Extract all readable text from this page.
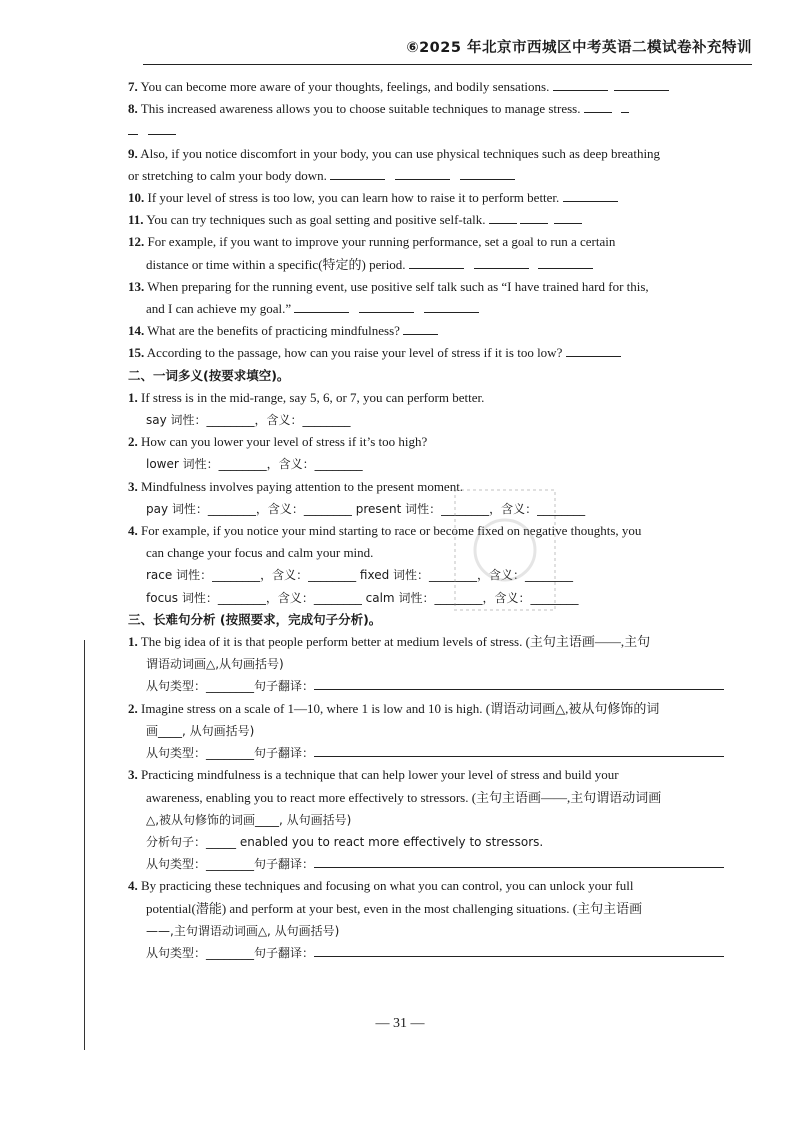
⑥2025 年北京市西城区中考英语二模试卷补充特训
7. You can become more aware of your thoughts, feelings, and bodily sensations.
8. This increased awareness allows you to choose suitable techniques to manage stress.

9. Also, if you notice discomfort in your body, you can use physical techniques such as deep breathing
or stretching to calm your body down.
10. If your level of stress is too low, you can learn how to raise it to perform better.
11. You can try techniques such as goal setting and positive self-talk.
12. For example, if you want to improve your running performance, set a goal to run a certain
distance or time within a specific(特定的) period.
13. When preparing for the running event, use positive self talk such as “I have trained hard for this,
and I can achieve my goal.”
14. What are the benefits of practicing mindfulness?
15. According to the passage, how can you raise your level of stress if it is too low?
二、一词多义(按要求填空)。
1. If stress is in the mid-range, say 5, 6, or 7, you can perform better.
say 词性：________，含义：________
2. How can you lower your level of stress if it’s too high?
lower 词性：________，含义：________
3. Mindfulness involves paying attention to the present moment.
pay 词性：________，含义：________ present 词性：________，含义：________
4. For example, if you notice your mind starting to race or become fixed on negative thoughts, you
can change your focus and calm your mind.
race 词性：________，含义：________ fixed 词性：________，含义：________
focus 词性：________，含义：________ calm 词性：________，含义：________
三、长难句分析 (按照要求，完成句子分析)。
1. The big idea of it is that people perform better at medium levels of stress. (主句主语画——,主句
谓语动词画△,从句画括号)
从句类型：________句子翻译：
2. Imagine stress on a scale of 1—10, where 1 is low and 10 is high. (谓语动词画△,被从句修饰的词
画____, 从句画括号)
从句类型：________句子翻译：
3. Practicing mindfulness is a technique that can help lower your level of stress and build your
awareness, enabling you to react more effectively to stressors. (主句主语画——,主句谓语动词画
△,被从句修饰的词画____, 从句画括号)
分析句子：_____ enabled you to react more effectively to stressors.
从句类型：________句子翻译：
4. By practicing these techniques and focusing on what you can control, you can unlock your full
potential(潜能) and perform at your best, even in the most challenging situations. (主句主语画
——,主句谓语动词画△, 从句画括号)
从句类型：________句子翻译：
— 31 —
